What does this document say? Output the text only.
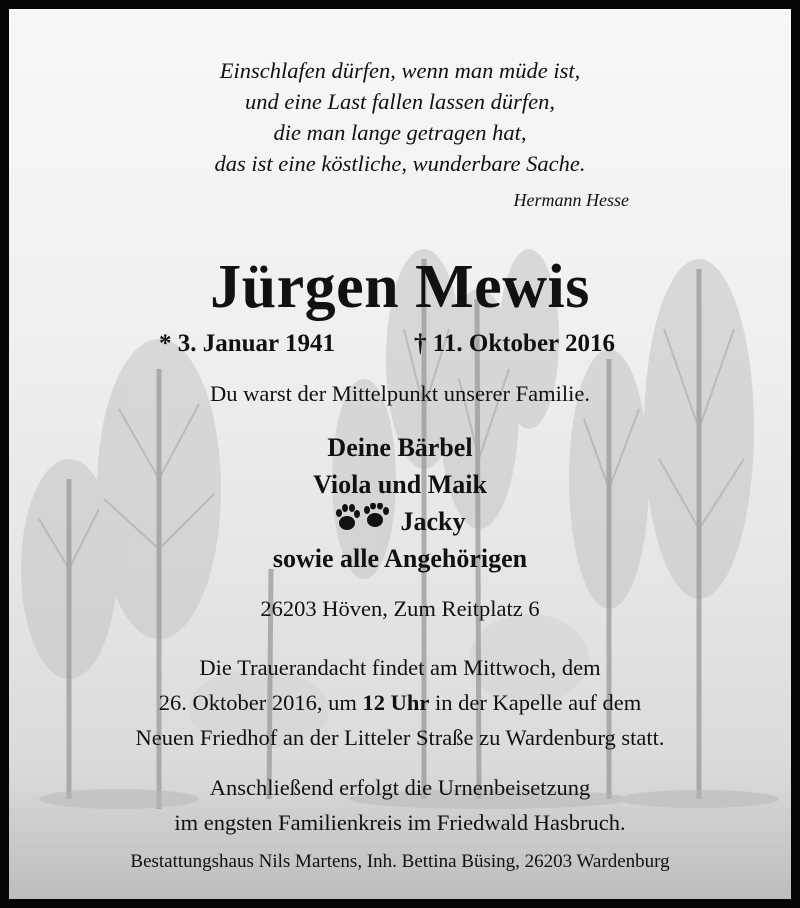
Einschlafen dürfen, wenn man müde ist,
und eine Last fallen lassen dürfen,
die man lange getragen hat,
das ist eine köstliche, wunderbare Sache.
Hermann Hesse
Jürgen Mewis
* 3. Januar 1941	† 11. Oktober 2016
Du warst der Mittelpunkt unserer Familie.
Deine Bärbel
Viola und Maik
Jacky
sowie alle Angehörigen
26203 Höven, Zum Reitplatz 6
Die Trauerandacht findet am Mittwoch, dem
26. Oktober 2016, um 12 Uhr in der Kapelle auf dem
Neuen Friedhof an der Litteler Straße zu Wardenburg statt.
Anschließend erfolgt die Urnenbeisetzung
im engsten Familienkreis im Friedwald Hasbruch.
Bestattungshaus Nils Martens, Inh. Bettina Büsing, 26203 Wardenburg
